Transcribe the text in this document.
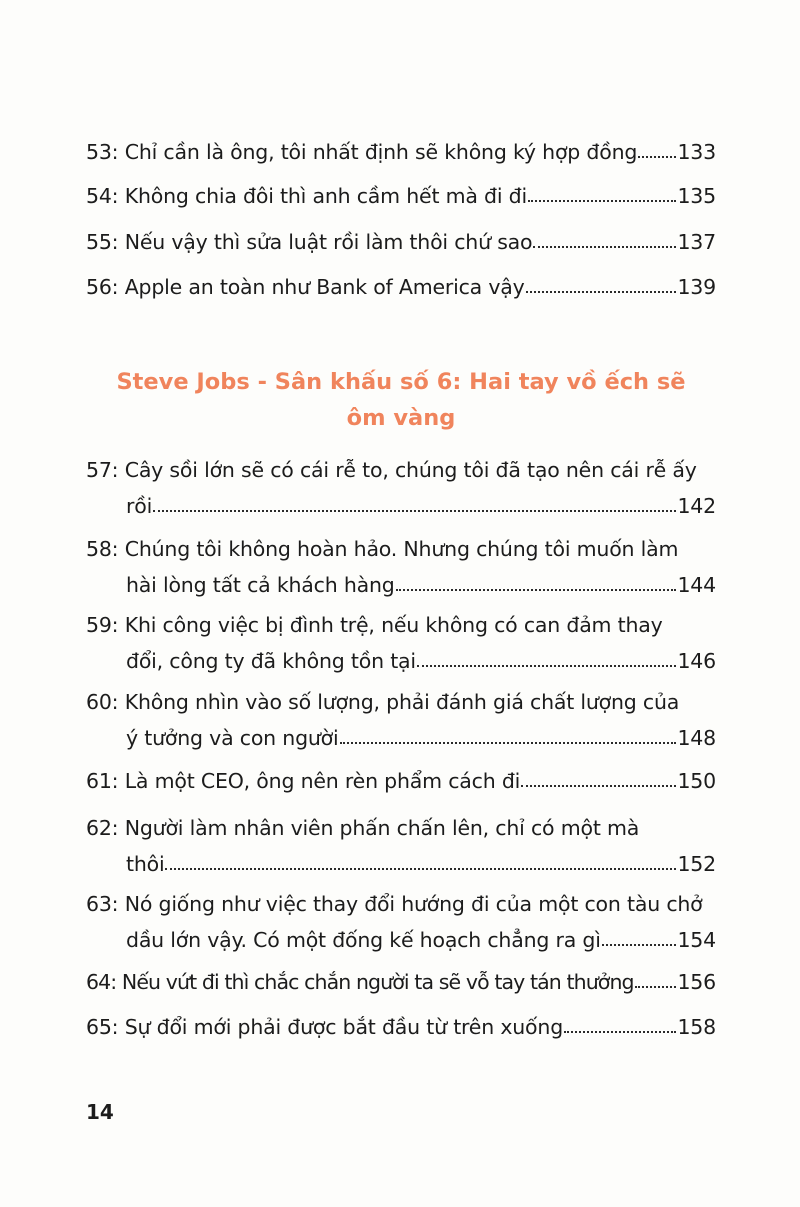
53: Chỉ cần là ông, tôi nhất định sẽ không ký hợp đồng 133
54: Không chia đôi thì anh cầm hết mà đi đi	135
55: Nếu vậy thì sửa luật rồi làm thôi chứ sao	137
56: Apple an toàn như Bank of America vậy	139
Steve Jobs - Sân khấu số 6: Hai tay vồ ếch sẽ
ôm vàng
57: Cây sồi lớn sẽ có cái rễ to, chúng tôi đã tạo nên cái rễ ấy
rồi	142
58: Chúng tôi không hoàn hảo. Nhưng chúng tôi muốn làm
hài lòng tất cả khách hàng	144
59: Khi công việc bị đình trệ, nếu không có can đảm thay
đổi, công ty đã không tồn tại	146
60: Không nhìn vào số lượng, phải đánh giá chất lượng của
ý tưởng và con người	148
61: Là một CEO, ông nên rèn phẩm cách đi	150
62: Người làm nhân viên phấn chấn lên, chỉ có một mà
thôi	152
63: Nó giống như việc thay đổi hướng đi của một con tàu chở
dầu lớn vậy. Có một đống kế hoạch chẳng ra gì	154
64: Nếu vứt đi thì chắc chắn người ta sẽ vỗ tay tán thưởng 156
65: Sự đổi mới phải được bắt đầu từ trên xuống	158
14
